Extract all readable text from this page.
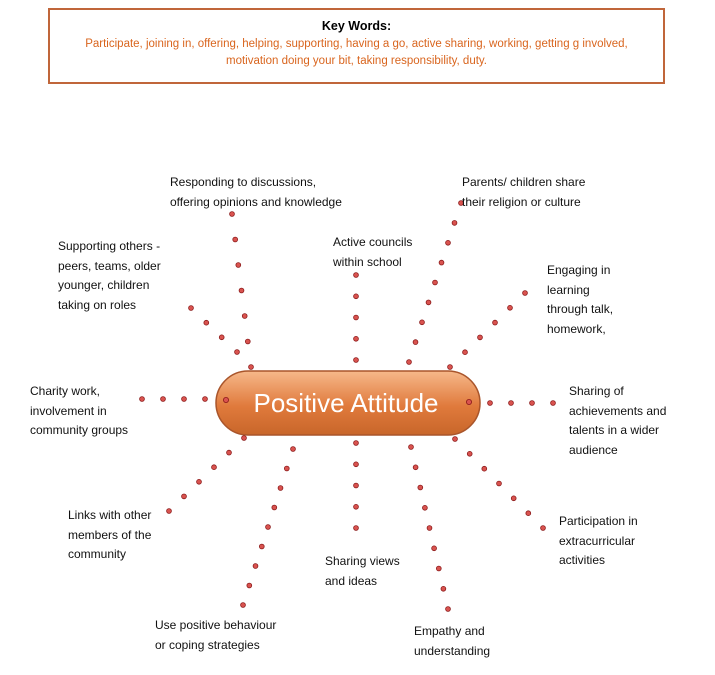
Key Words:
Participate, joining in, offering, helping, supporting, having a go, active sharing, working, getting g involved, motivation doing your bit, taking responsibility, duty.
Positive Attitude
Responding to discussions,
offering opinions and knowledge
Parents/ children share
their religion or culture
Supporting others -
peers, teams, older
younger, children
taking on roles
Active councils
within school
Engaging in
learning
through talk,
homework,
Charity work,
involvement in
community groups
Sharing of
achievements and
talents in a wider
audience
Links with other
members of the
community
Participation in
extracurricular
activities
Sharing views
and ideas
Use positive behaviour
or coping strategies
Empathy and
understanding
